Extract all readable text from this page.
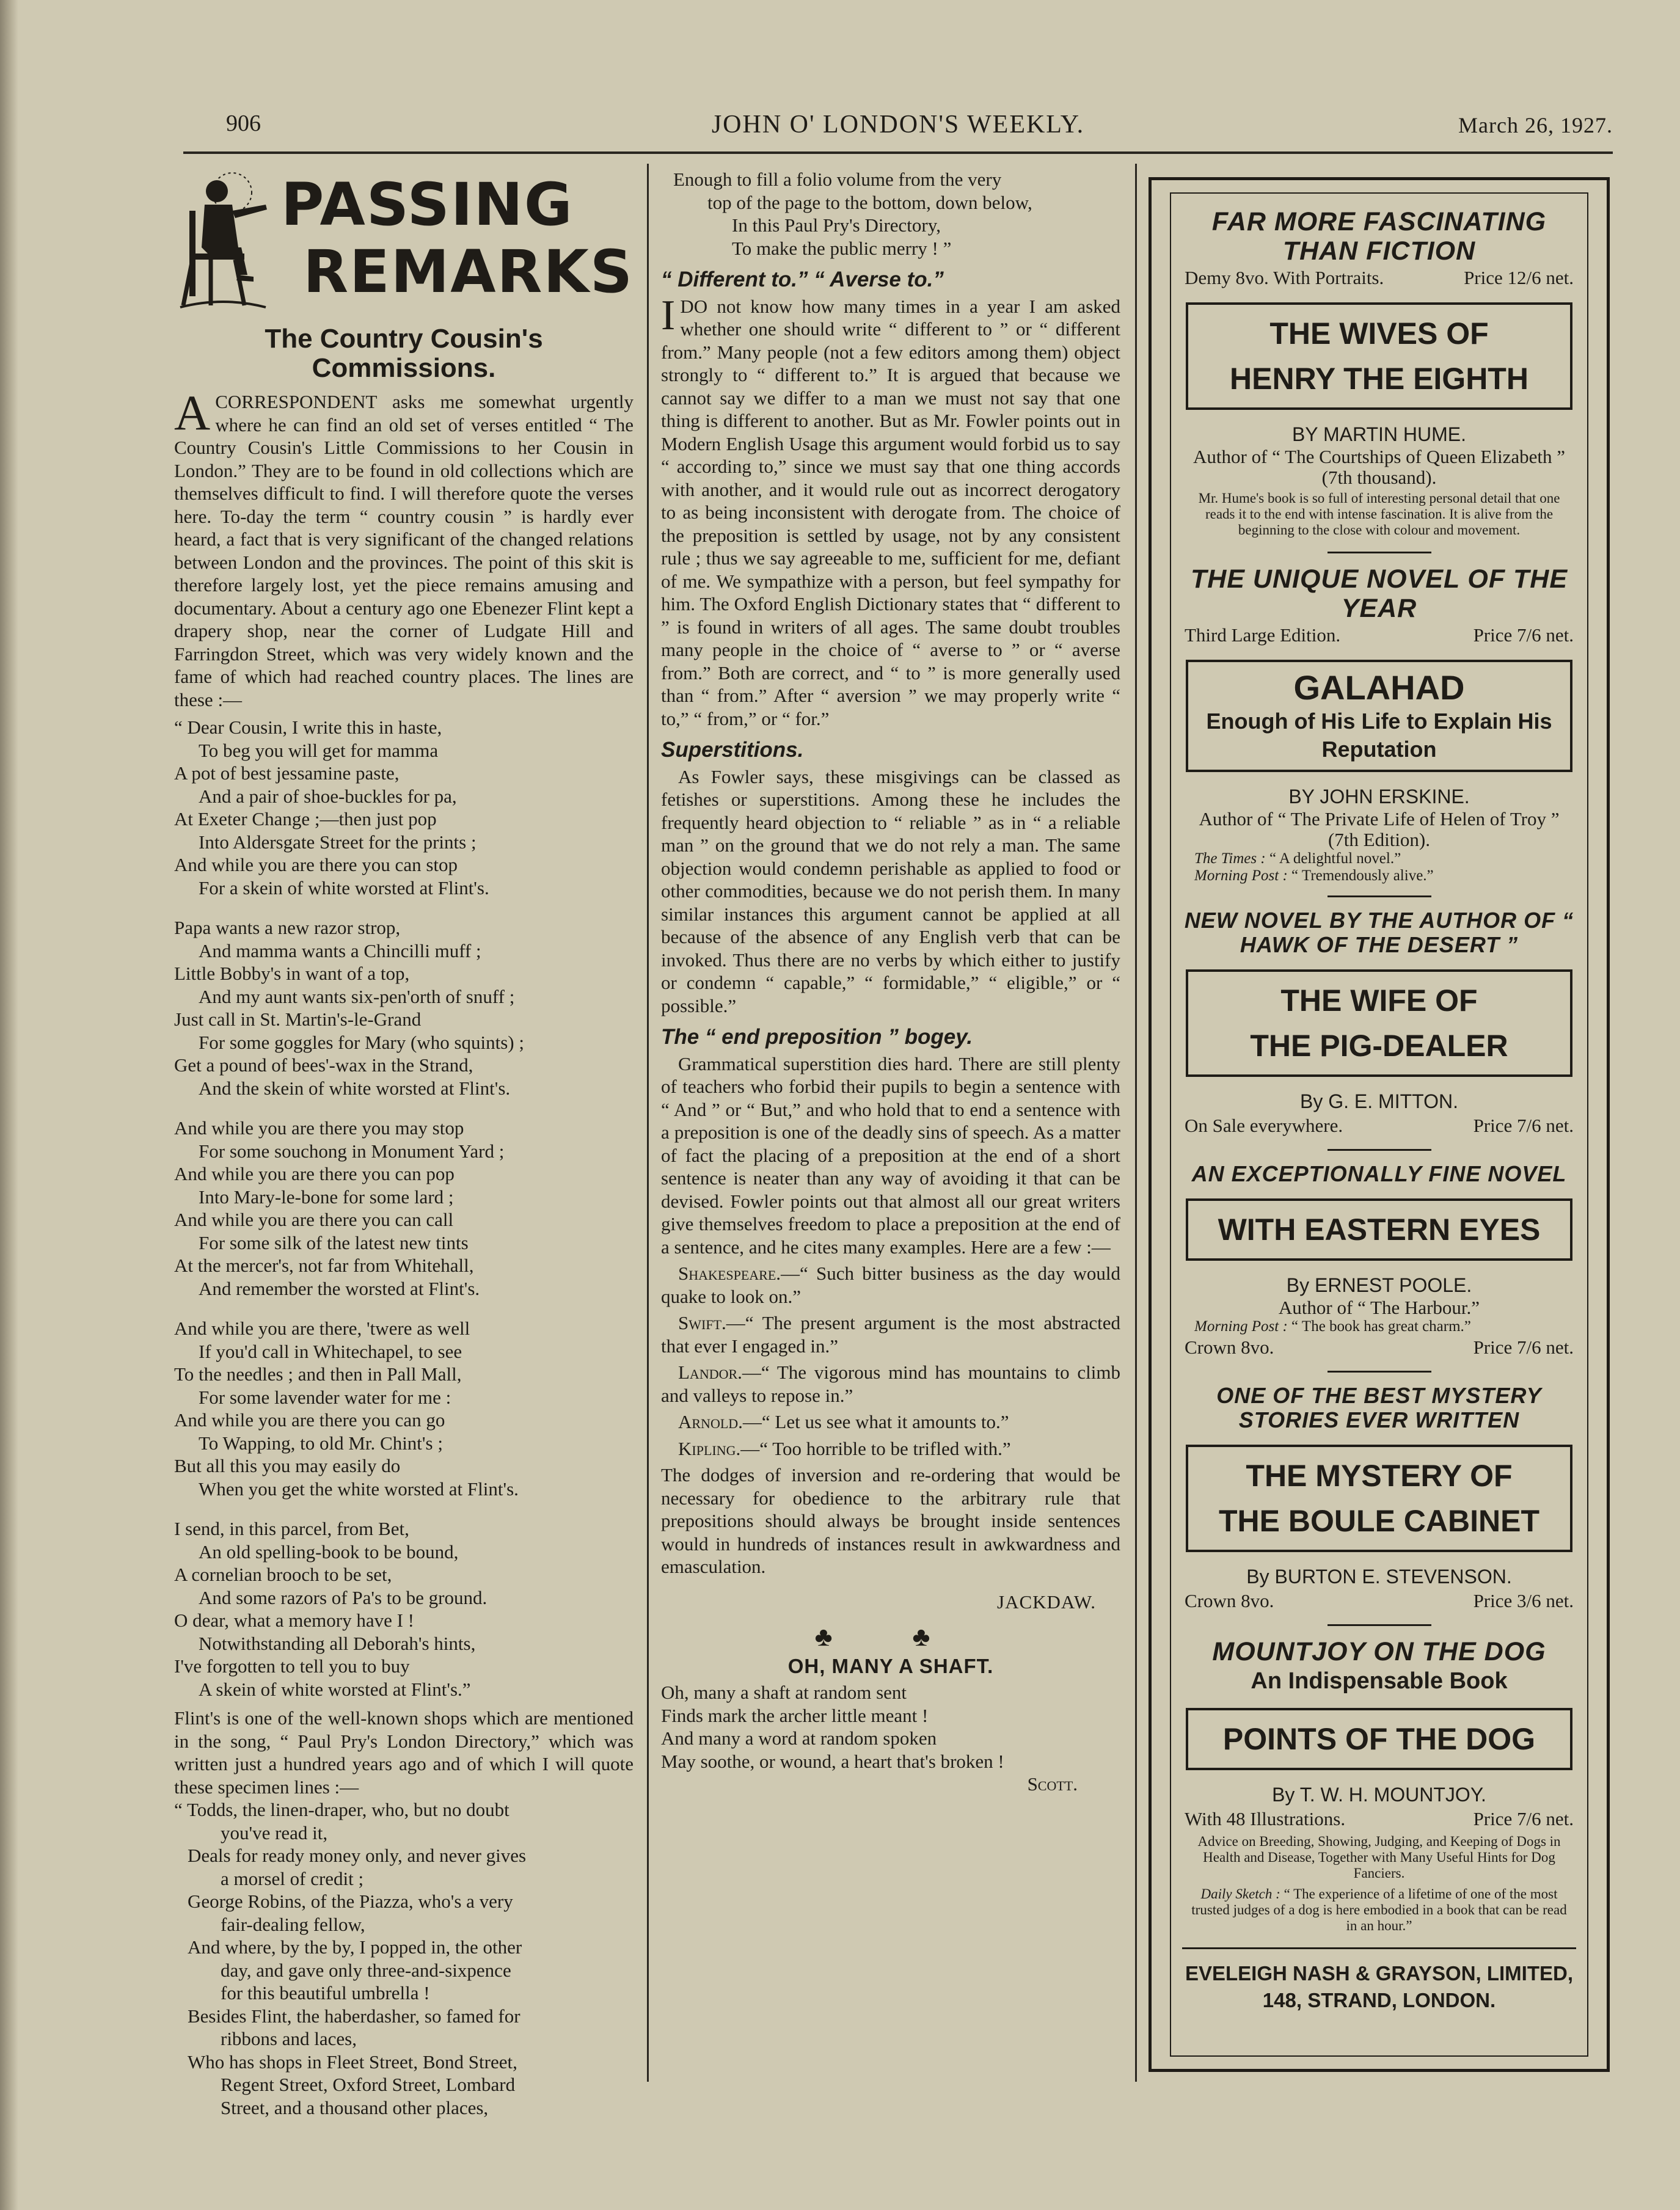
906	JOHN O' LONDON'S WEEKLY.	March 26, 1927.
PASSING
REMARKS
The Country Cousin's Commissions.

ACORRESPONDENT asks me somewhat urgently where he can find an old set of verses entitled “ The Country Cousin's Little Commissions to her Cousin in London.” They are to be found in old collections which are themselves difficult to find. I will therefore quote the verses here. To-day the term “ country cousin ” is hardly ever heard, a fact that is very significant of the changed relations between London and the provinces. The point of this skit is therefore largely lost, yet the piece remains amusing and documentary. About a century ago one Ebenezer Flint kept a drapery shop, near the corner of Ludgate Hill and Farringdon Street, which was very widely known and the fame of which had reached country places. The lines are these :—

“ Dear Cousin, I write this in haste,
To beg you will get for mamma
A pot of best jessamine paste,
And a pair of shoe-buckles for pa,
At Exeter Change ;—then just pop
Into Aldersgate Street for the prints ;
And while you are there you can stop
For a skein of white worsted at Flint's.
Papa wants a new razor strop,
And mamma wants a Chincilli muff ;
Little Bobby's in want of a top,
And my aunt wants six-pen'orth of snuff ;
Just call in St. Martin's-le-Grand
For some goggles for Mary (who squints) ;
Get a pound of bees'-wax in the Strand,
And the skein of white worsted at Flint's.
And while you are there you may stop
For some souchong in Monument Yard ;
And while you are there you can pop
Into Mary-le-bone for some lard ;
And while you are there you can call
For some silk of the latest new tints
At the mercer's, not far from Whitehall,
And remember the worsted at Flint's.
And while you are there, 'twere as well
If you'd call in Whitechapel, to see
To the needles ; and then in Pall Mall,
For some lavender water for me :
And while you are there you can go
To Wapping, to old Mr. Chint's ;
But all this you may easily do
When you get the white worsted at Flint's.
I send, in this parcel, from Bet,
An old spelling-book to be bound,
A cornelian brooch to be set,
And some razors of Pa's to be ground.
O dear, what a memory have I !
Notwithstanding all Deborah's hints,
I've forgotten to tell you to buy
A skein of white worsted at Flint's.”

Flint's is one of the well-known shops which are mentioned in the song, “ Paul Pry's London Directory,” which was written just a hundred years ago and of which I will quote these specimen lines :—

“ Todds, the linen-draper, who, but no doubt
you've read it,
Deals for ready money only, and never gives
a morsel of credit ;
George Robins, of the Piazza, who's a very
fair-dealing fellow,
And where, by the by, I popped in, the other
day, and gave only three-and-sixpence
for this beautiful umbrella !
Besides Flint, the haberdasher, so famed for
ribbons and laces,
Who has shops in Fleet Street, Bond Street,
Regent Street, Oxford Street, Lombard
Street, and a thousand other places,
Enough to fill a folio volume from the very
top of the page to the bottom, down below,
In this Paul Pry's Directory,
To make the public merry ! ”
“ Different to.” “ Averse to.”

IDO not know how many times in a year I am asked whether one should write “ different to ” or “ different from.” Many people (not a few editors among them) object strongly to “ different to.” It is argued that because we cannot say we differ to a man we must not say that one thing is different to another. But as Mr. Fowler points out in Modern English Usage this argument would forbid us to say “ according to,” since we must say that one thing accords with another, and it would rule out as incorrect derogatory to as being inconsistent with derogate from. The choice of the preposition is settled by usage, not by any consistent rule ; thus we say agreeable to me, sufficient for me, defiant of me. We sympathize with a person, but feel sympathy for him. The Oxford English Dictionary states that “ different to ” is found in writers of all ages. The same doubt troubles many people in the choice of “ averse to ” or “ averse from.” Both are correct, and “ to ” is more generally used than “ from.” After “ aversion ” we may properly write “ to,” “ from,” or “ for.”

Superstitions.

As Fowler says, these misgivings can be classed as fetishes or superstitions. Among these he includes the frequently heard objection to “ reliable ” as in “ a reliable man ” on the ground that we do not rely a man. The same objection would condemn perishable as applied to food or other commodities, because we do not perish them. In many similar instances this argument cannot be applied at all because of the absence of any English verb that can be invoked. Thus there are no verbs by which either to justify or condemn “ capable,” “ formidable,” “ eligible,” or “ possible.”

The “ end preposition ” bogey.

Grammatical superstition dies hard. There are still plenty of teachers who forbid their pupils to begin a sentence with “ And ” or “ But,” and who hold that to end a sentence with a preposition is one of the deadly sins of speech. As a matter of fact the placing of a preposition at the end of a short sentence is neater than any way of avoiding it that can be devised. Fowler points out that almost all our great writers give themselves freedom to place a preposition at the end of a sentence, and he cites many examples. Here are a few :—

Shakespeare.—“ Such bitter business as the day would quake to look on.”

Swift.—“ The present argument is the most abstracted that ever I engaged in.”

Landor.—“ The vigorous mind has mountains to climb and valleys to repose in.”

Arnold.—“ Let us see what it amounts to.”

Kipling.—“ Too horrible to be trifled with.”

The dodges of inversion and re-ordering that would be necessary for obedience to the arbitrary rule that prepositions should always be brought inside sentences would in hundreds of instances result in awkwardness and emasculation.

JACKDAW.
♣ ♣
OH, MANY A SHAFT.
Oh, many a shaft at random sent
Finds mark the archer little meant !
And many a word at random spoken
May soothe, or wound, a heart that's broken !
Scott.
FAR MORE FASCINATING THAN FICTION
Demy 8vo. With Portraits.	Price 12/6 net.
THE WIVES OF
HENRY THE EIGHTH
BY MARTIN HUME.
Author of “ The Courtships of Queen Elizabeth ” (7th thousand).
Mr. Hume's book is so full of interesting personal detail that one reads it to the end with intense fascination. It is alive from the beginning to the close with colour and movement.
THE UNIQUE NOVEL OF THE YEAR
Third Large Edition.	Price 7/6 net.
GALAHAD
Enough of His Life to Explain His Reputation
BY JOHN ERSKINE.
Author of “ The Private Life of Helen of Troy ” (7th Edition).
The Times : “ A delightful novel.”
Morning Post : “ Tremendously alive.”
NEW NOVEL BY THE AUTHOR OF “ HAWK OF THE DESERT ”
THE WIFE OF
THE PIG-DEALER
By G. E. MITTON.
On Sale everywhere.	Price 7/6 net.
AN EXCEPTIONALLY FINE NOVEL
WITH EASTERN EYES
By ERNEST POOLE.
Author of “ The Harbour.”
Morning Post : “ The book has great charm.”
Crown 8vo.	Price 7/6 net.
ONE OF THE BEST MYSTERY STORIES EVER WRITTEN
THE MYSTERY OF
THE BOULE CABINET
By BURTON E. STEVENSON.
Crown 8vo.	Price 3/6 net.
MOUNTJOY ON THE DOG
An Indispensable Book
POINTS OF THE DOG
By T. W. H. MOUNTJOY.
With 48 Illustrations.	Price 7/6 net.
Advice on Breeding, Showing, Judging, and Keeping of Dogs in Health and Disease, Together with Many Useful Hints for Dog Fanciers.
Daily Sketch : “ The experience of a lifetime of one of the most trusted judges of a dog is here embodied in a book that can be read in an hour.”
EVELEIGH NASH & GRAYSON, LIMITED,
148, STRAND, LONDON.
